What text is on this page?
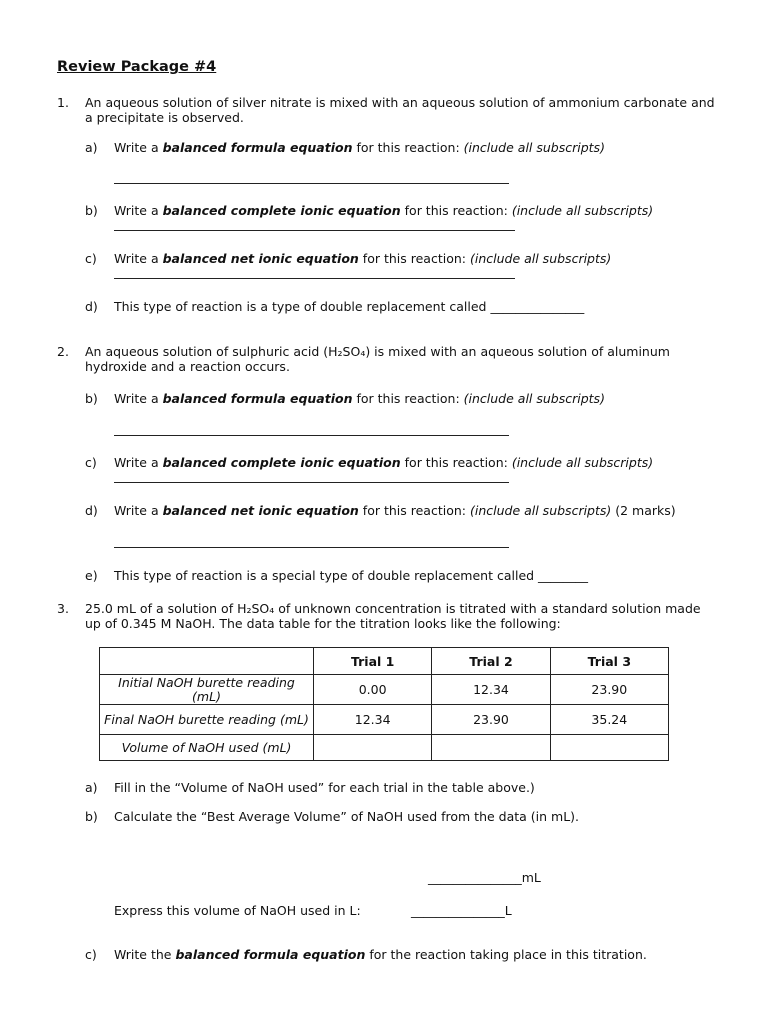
Review Package #4
1. An aqueous solution of silver nitrate is mixed with an aqueous solution of ammonium carbonate and a precipitate is observed.
a) Write a balanced formula equation for this reaction: (include all subscripts)
b) Write a balanced complete ionic equation for this reaction: (include all subscripts)
c) Write a balanced net ionic equation for this reaction: (include all subscripts)
d) This type of reaction is a type of double replacement called _______________
2. An aqueous solution of sulphuric acid (H₂SO₄) is mixed with an aqueous solution of aluminum hydroxide and a reaction occurs.
b) Write a balanced formula equation for this reaction: (include all subscripts)
c) Write a balanced complete ionic equation for this reaction: (include all subscripts)
d) Write a balanced net ionic equation for this reaction: (include all subscripts) (2 marks)
e) This type of reaction is a special type of double replacement called ________
3. 25.0 mL of a solution of H₂SO₄ of unknown concentration is titrated with a standard solution made up of 0.345 M NaOH. The data table for the titration looks like the following:
	Trial 1	Trial 2	Trial 3
Initial NaOH burette reading (mL)	0.00	12.34	23.90
Final NaOH burette reading (mL)	12.34	23.90	35.24
Volume of NaOH used (mL)			
a) Fill in the “Volume of NaOH used” for each trial in the table above.)
b) Calculate the “Best Average Volume” of NaOH used from the data (in mL).
_______________mL
Express this volume of NaOH used in L:	_______________L
c) Write the balanced formula equation for the reaction taking place in this titration.
